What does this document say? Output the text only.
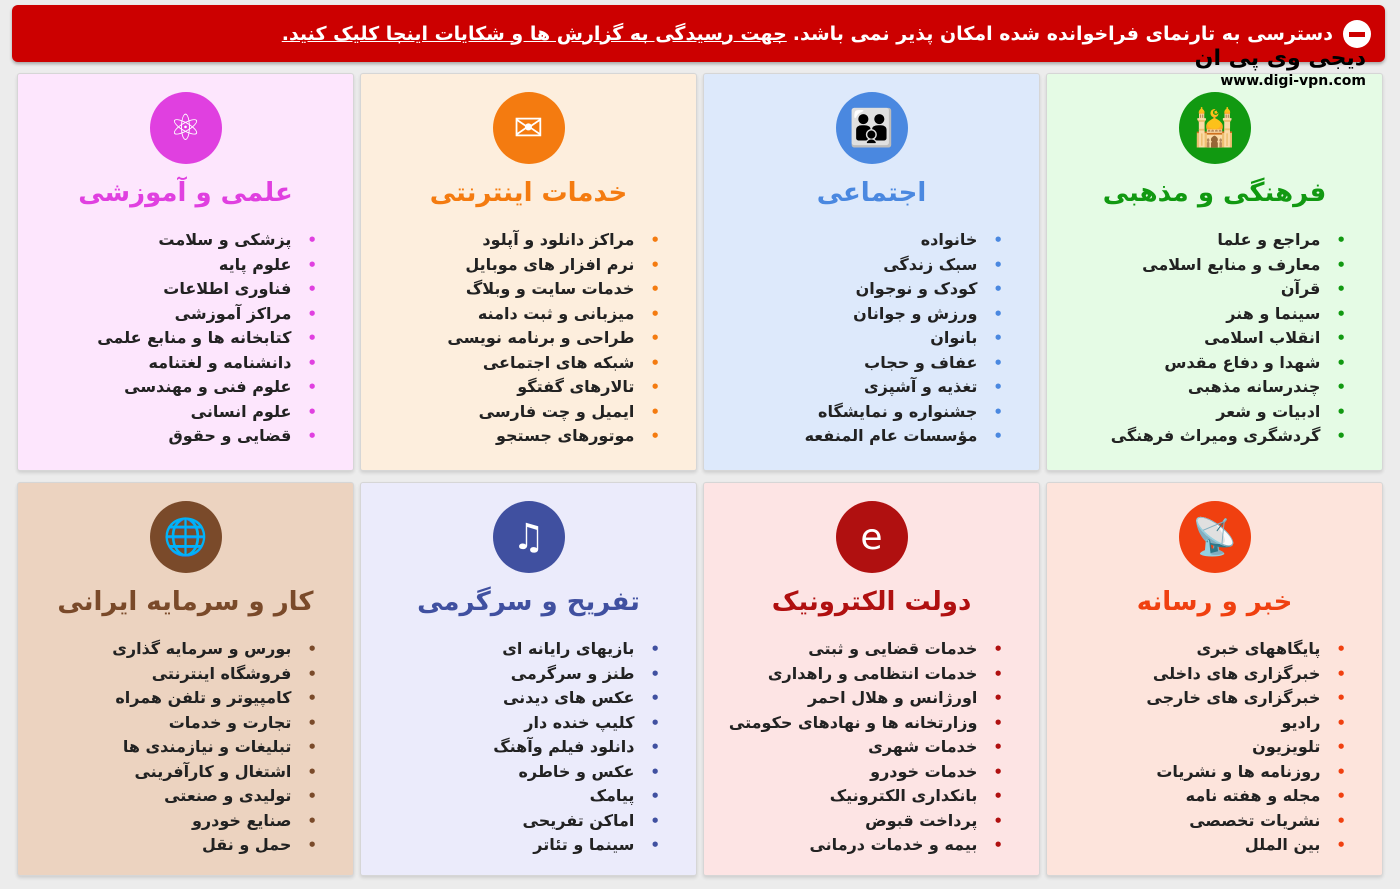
دسترسی به تارنمای فراخوانده شده امکان پذیر نمی باشد.
جهت رسیدگی به گزارش ها و شکایات اینجا کلیک کنید.
دیجی وی پی ان
www.digi-vpn.com
🕌
فرهنگی و مذهبی
• مراجع و علما
• معارف و منابع اسلامی
• قرآن
• سینما و هنر
• انقلاب اسلامی
• شهدا و دفاع مقدس
• چندرسانه مذهبی
• ادبیات و شعر
• گردشگری ومیراث فرهنگی
👪
اجتماعی
• خانواده
• سبک زندگی
• کودک و نوجوان
• ورزش و جوانان
• بانوان
• عفاف و حجاب
• تغذیه و آشپزی
• جشنواره و نمایشگاه
• مؤسسات عام المنفعه
✉
خدمات اینترنتی
• مراکز دانلود و آپلود
• نرم افزار های موبایل
• خدمات سایت و وبلاگ
• میزبانی و ثبت دامنه
• طراحی و برنامه نویسی
• شبکه های اجتماعی
• تالارهای گفتگو
• ایمیل و چت فارسی
• موتورهای جستجو
⚛
علمی و آموزشی
• پزشکی و سلامت
• علوم پایه
• فناوری اطلاعات
• مراکز آموزشی
• کتابخانه ها و منابع علمی
• دانشنامه و لغتنامه
• علوم فنی و مهندسی
• علوم انسانی
• قضایی و حقوق
📡
خبر و رسانه
• پایگاههای خبری
• خبرگزاری های داخلی
• خبرگزاری های خارجی
• رادیو
• تلویزیون
• روزنامه ها و نشریات
• مجله و هفته نامه
• نشریات تخصصی
• بین الملل
e
دولت الکترونیک
• خدمات قضایی و ثبتی
• خدمات انتظامی و راهداری
• اورژانس و هلال احمر
• وزارتخانه ها و نهادهای حکومتی
• خدمات شهری
• خدمات خودرو
• بانکداری الکترونیک
• پرداخت قبوض
• بیمه و خدمات درمانی
♫
تفریح و سرگرمی
• بازیهای رایانه ای
• طنز و سرگرمی
• عکس های دیدنی
• کلیپ خنده دار
• دانلود فیلم وآهنگ
• عکس و خاطره
• پیامک
• اماکن تفریحی
• سینما و تئاتر
🌐
کار و سرمایه ایرانی
• بورس و سرمایه گذاری
• فروشگاه اینترنتی
• کامپیوتر و تلفن همراه
• تجارت و خدمات
• تبلیغات و نیازمندی ها
• اشتغال و کارآفرینی
• تولیدی و صنعتی
• صنایع خودرو
• حمل و نقل
